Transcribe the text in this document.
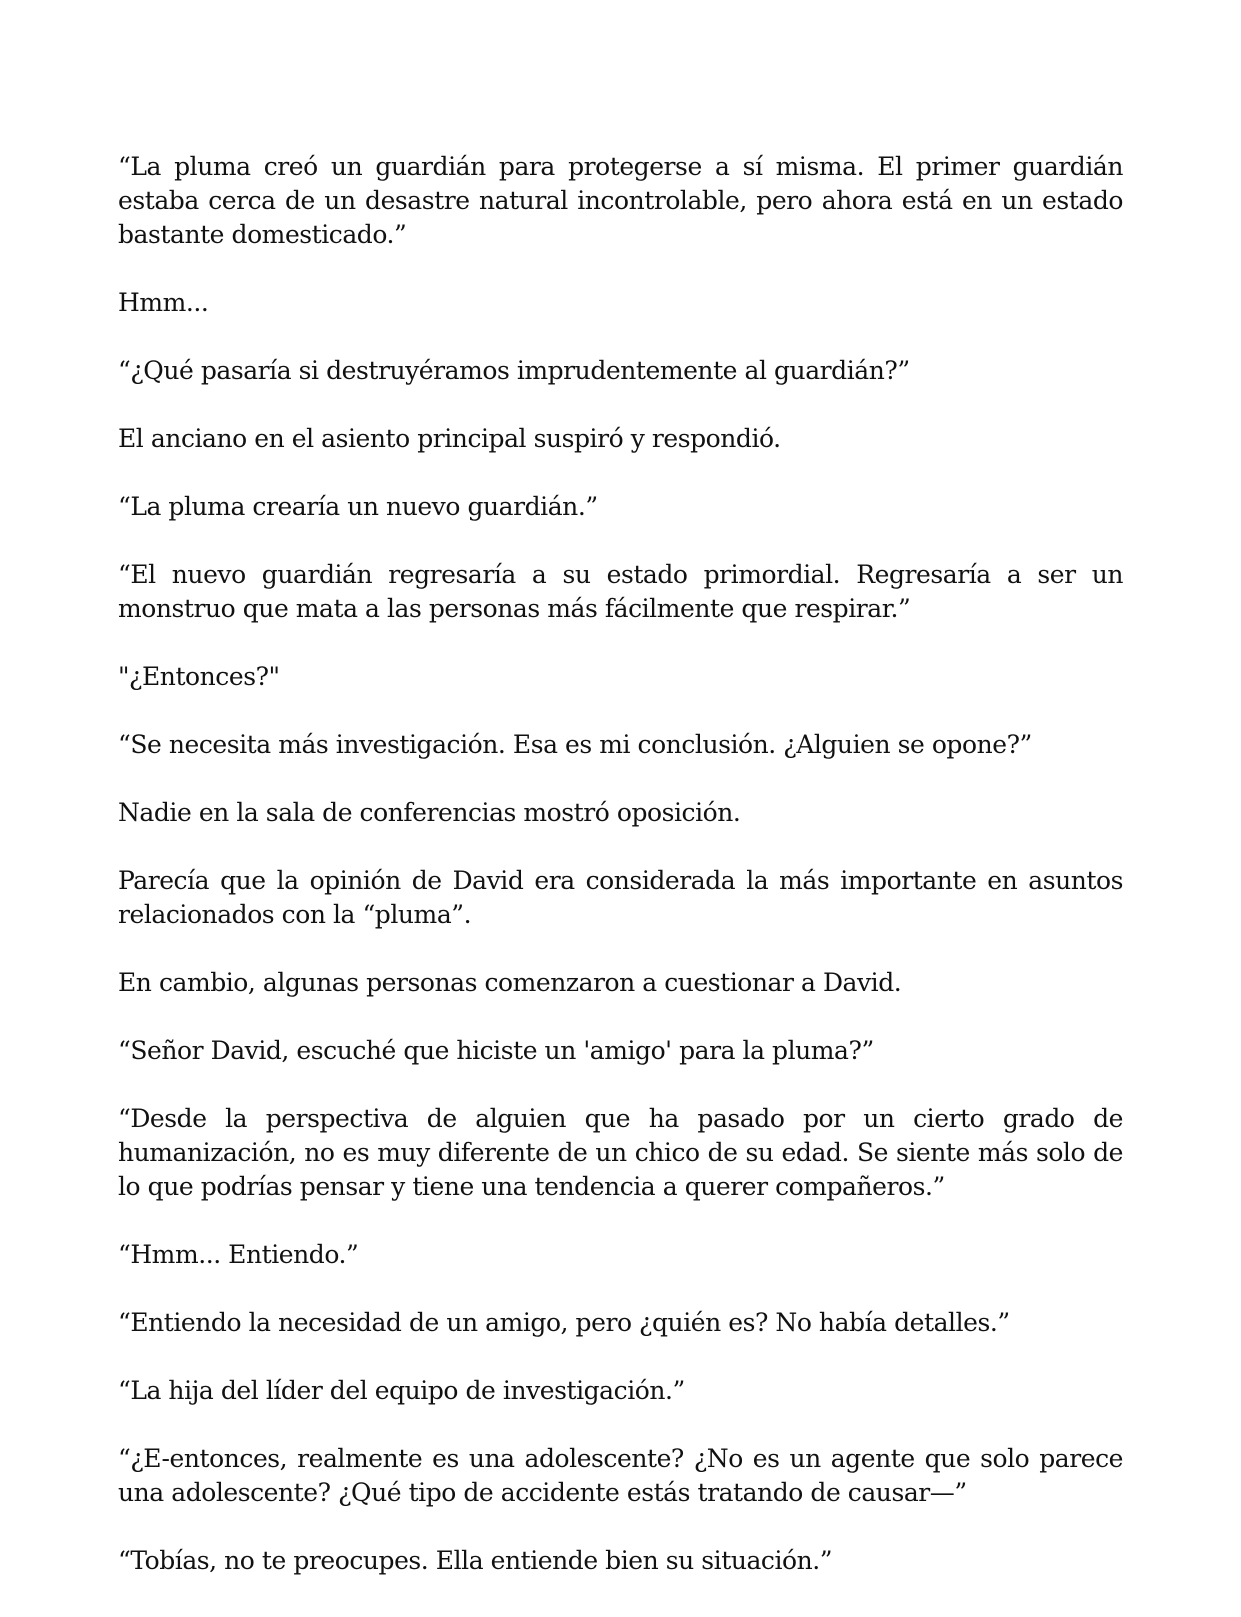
“La pluma creó un guardián para protegerse a sí misma. El primer guardián estaba cerca de un desastre natural incontrolable, pero ahora está en un estado bastante domesticado.”

Hmm...

“¿Qué pasaría si destruyéramos imprudentemente al guardián?”

El anciano en el asiento principal suspiró y respondió.

“La pluma crearía un nuevo guardián.”

“El nuevo guardián regresaría a su estado primordial. Regresaría a ser un monstruo que mata a las personas más fácilmente que respirar.”

"¿Entonces?"

“Se necesita más investigación. Esa es mi conclusión. ¿Alguien se opone?”

Nadie en la sala de conferencias mostró oposición.

Parecía que la opinión de David era considerada la más importante en asuntos relacionados con la “pluma”.

En cambio, algunas personas comenzaron a cuestionar a David.

“Señor David, escuché que hiciste un 'amigo' para la pluma?”

“Desde la perspectiva de alguien que ha pasado por un cierto grado de humanización, no es muy diferente de un chico de su edad. Se siente más solo de lo que podrías pensar y tiene una tendencia a querer compañeros.”

“Hmm... Entiendo.”

“Entiendo la necesidad de un amigo, pero ¿quién es? No había detalles.”

“La hija del líder del equipo de investigación.”

“¿E-entonces, realmente es una adolescente? ¿No es un agente que solo parece una adolescente? ¿Qué tipo de accidente estás tratando de causar—”

“Tobías, no te preocupes. Ella entiende bien su situación.”
